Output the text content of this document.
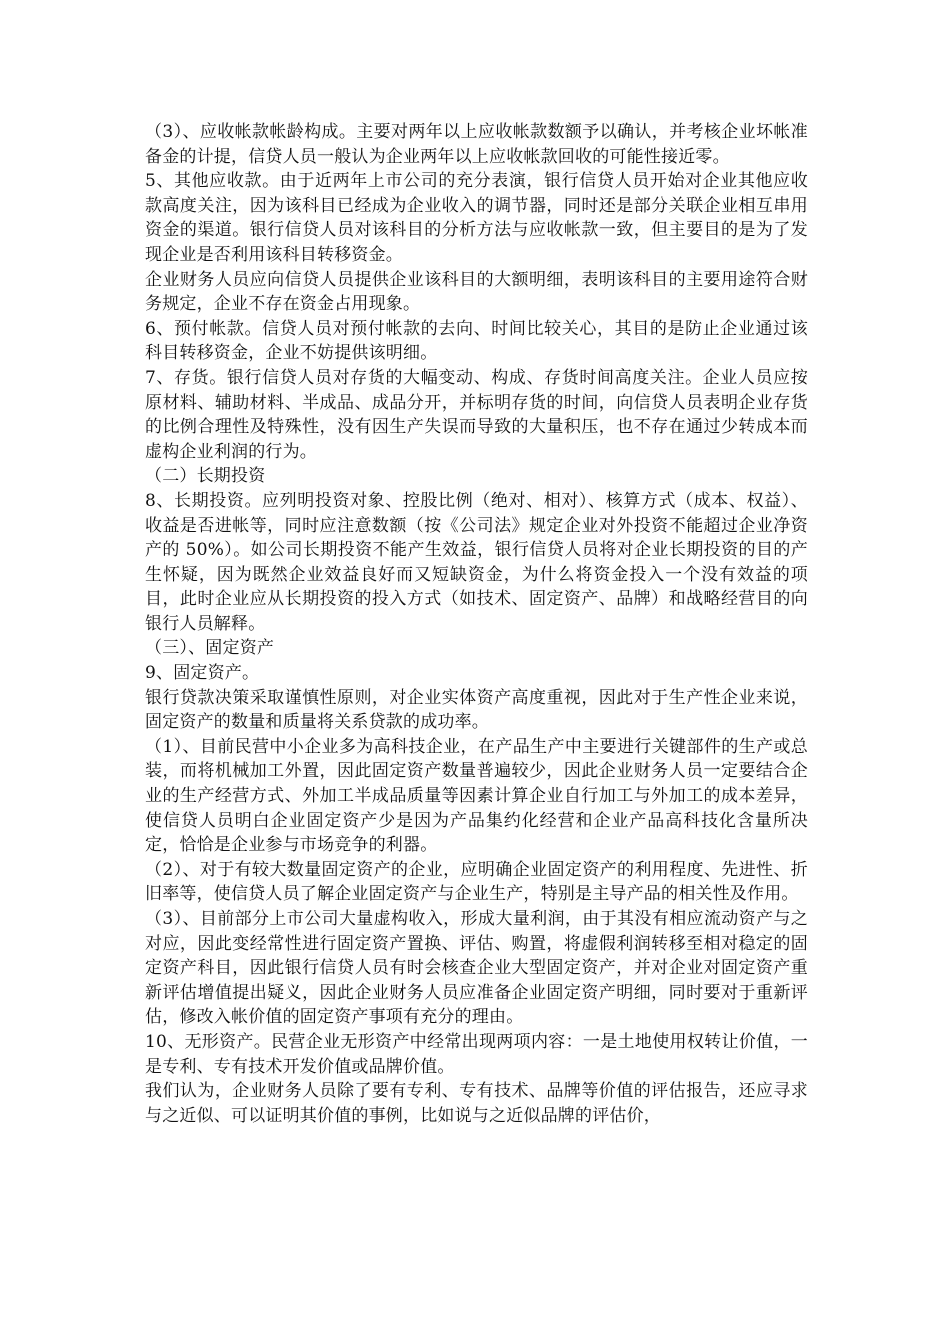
（3）、应收帐款帐龄构成。主要对两年以上应收帐款数额予以确认，并考核企业坏帐准备金的计提，信贷人员一般认为企业两年以上应收帐款回收的可能性接近零。

5、其他应收款。由于近两年上市公司的充分表演，银行信贷人员开始对企业其他应收款高度关注，因为该科目已经成为企业收入的调节器，同时还是部分关联企业相互串用资金的渠道。银行信贷人员对该科目的分析方法与应收帐款一致，但主要目的是为了发现企业是否利用该科目转移资金。

企业财务人员应向信贷人员提供企业该科目的大额明细，表明该科目的主要用途符合财务规定，企业不存在资金占用现象。

6、预付帐款。信贷人员对预付帐款的去向、时间比较关心，其目的是防止企业通过该科目转移资金，企业不妨提供该明细。

7、存货。银行信贷人员对存货的大幅变动、构成、存货时间高度关注。企业人员应按原材料、辅助材料、半成品、成品分开，并标明存货的时间，向信贷人员表明企业存货的比例合理性及特殊性，没有因生产失误而导致的大量积压，也不存在通过少转成本而虚构企业利润的行为。

（二）长期投资

8、长期投资。应列明投资对象、控股比例（绝对、相对）、核算方式（成本、权益）、收益是否进帐等，同时应注意数额（按《公司法》规定企业对外投资不能超过企业净资产的 50%）。如公司长期投资不能产生效益，银行信贷人员将对企业长期投资的目的产生怀疑，因为既然企业效益良好而又短缺资金，为什么将资金投入一个没有效益的项目，此时企业应从长期投资的投入方式（如技术、固定资产、品牌）和战略经营目的向银行人员解释。

（三）、固定资产

9、固定资产。

银行贷款决策采取谨慎性原则，对企业实体资产高度重视，因此对于生产性企业来说，固定资产的数量和质量将关系贷款的成功率。

（1）、目前民营中小企业多为高科技企业，在产品生产中主要进行关键部件的生产或总装，而将机械加工外置，因此固定资产数量普遍较少，因此企业财务人员一定要结合企业的生产经营方式、外加工半成品质量等因素计算企业自行加工与外加工的成本差异，使信贷人员明白企业固定资产少是因为产品集约化经营和企业产品高科技化含量所决定，恰恰是企业参与市场竞争的利器。

（2）、对于有较大数量固定资产的企业，应明确企业固定资产的利用程度、先进性、折旧率等，使信贷人员了解企业固定资产与企业生产，特别是主导产品的相关性及作用。

（3）、目前部分上市公司大量虚构收入，形成大量利润，由于其没有相应流动资产与之对应，因此变经常性进行固定资产置换、评估、购置，将虚假利润转移至相对稳定的固定资产科目，因此银行信贷人员有时会核查企业大型固定资产，并对企业对固定资产重新评估增值提出疑义，因此企业财务人员应准备企业固定资产明细，同时要对于重新评估，修改入帐价值的固定资产事项有充分的理由。

10、无形资产。民营企业无形资产中经常出现两项内容：一是土地使用权转让价值，一是专利、专有技术开发价值或品牌价值。

我们认为，企业财务人员除了要有专利、专有技术、品牌等价值的评估报告，还应寻求与之近似、可以证明其价值的事例，比如说与之近似品牌的评估价，
